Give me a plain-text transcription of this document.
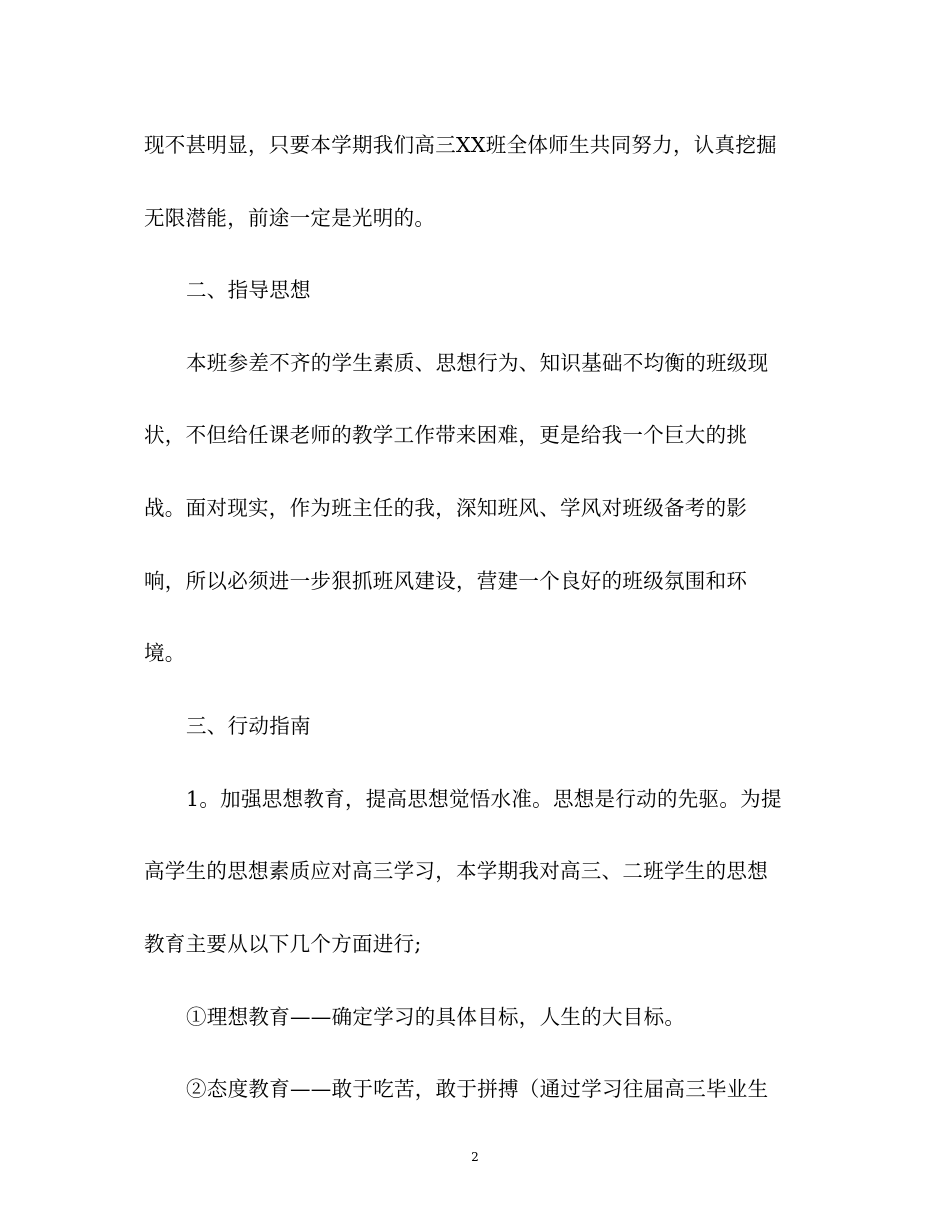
现不甚明显，只要本学期我们高三XX班全体师生共同努力，认真挖掘
无限潜能，前途一定是光明的。
二、指导思想
本班参差不齐的学生素质、思想行为、知识基础不均衡的班级现
状，不但给任课老师的教学工作带来困难，更是给我一个巨大的挑
战。面对现实，作为班主任的我，深知班风、学风对班级备考的影
响，所以必须进一步狠抓班风建设，营建一个良好的班级氛围和环
境。
三、行动指南
1。加强思想教育，提高思想觉悟水准。思想是行动的先驱。为提
高学生的思想素质应对高三学习，本学期我对高三、二班学生的思想
教育主要从以下几个方面进行;
①理想教育——确定学习的具体目标，人生的大目标。
②态度教育——敢于吃苦，敢于拼搏（通过学习往届高三毕业生
2
